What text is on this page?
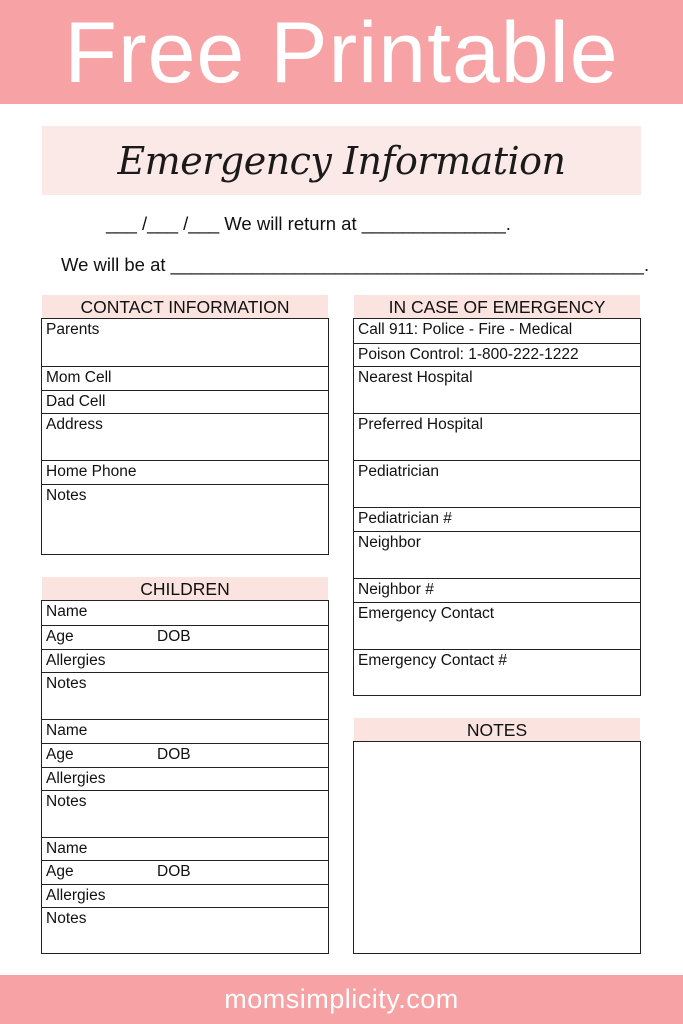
Free Printable
Emergency Information
___ /___ /___ We will return at ______________.
We will be at ______________________________________________.
CONTACT INFORMATION
Parents
Mom Cell
Dad Cell
Address
Home Phone
Notes
CHILDREN
Name
Age	DOB
Allergies
Notes
Name
Age	DOB
Allergies
Notes
Name
Age	DOB
Allergies
Notes
IN CASE OF EMERGENCY
Call 911: Police - Fire - Medical
Poison Control: 1-800-222-1222
Nearest Hospital
Preferred Hospital
Pediatrician
Pediatrician #
Neighbor
Neighbor #
Emergency Contact
Emergency Contact #
NOTES
momsimplicity.com
